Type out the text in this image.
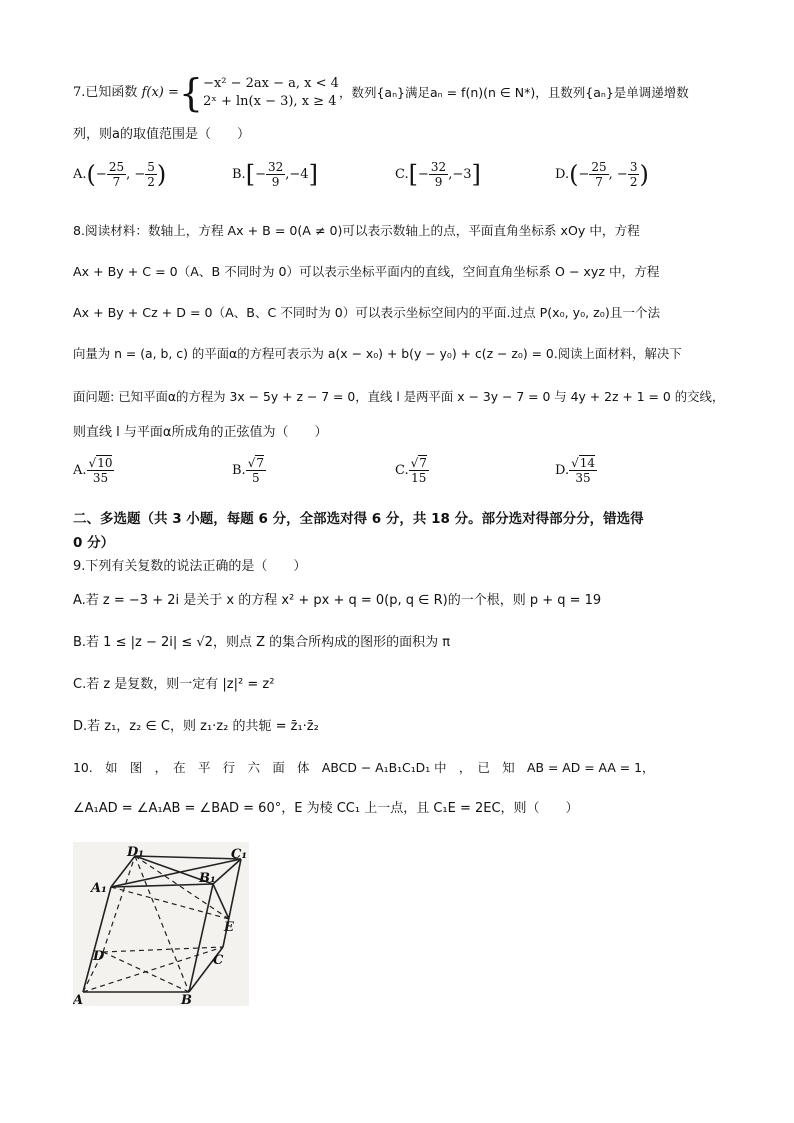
7.已知函数 f(x) ={ −x² − 2ax − a, x < 4
2ˣ + ln(x − 3), x ≥ 4
，数列{aₙ}满足aₙ = f(n)(n ∈ N*)，且数列{aₙ}是单调递增数
列，则a的取值范围是（　　）
$A.(- \frac{25}{7}$ , − $\frac{5}{2}$ )	$B.[- \frac{32}{9} ,-4]$	$C.[- \frac{32}{9} ,-3]$	$D.(- \frac{25}{7}$ , − $\frac{3}{2}$ )
8.阅读材料：数轴上，方程 Ax + B = 0(A ≠ 0)可以表示数轴上的点，平面直角坐标系 xOy 中，方程
Ax + By + C = 0（A、B 不同时为 0）可以表示坐标平面内的直线，空间直角坐标系 O − xyz 中，方程
Ax + By + Cz + D = 0（A、B、C 不同时为 0）可以表示坐标空间内的平面.过点 P(x₀, y₀, z₀)且一个法
向量为 n = (a, b, c) 的平面α的方程可表示为 a(x − x₀) + b(y − y₀) + c(z − z₀) = 0.阅读上面材料，解决下
面问题: 已知平面α的方程为 3x − 5y + z − 7 = 0，直线 l 是两平面 x − 3y − 7 = 0 与 4y + 2z + 1 = 0 的交线，
则直线 l 与平面α所成角的正弦值为（　　）
A. $\frac{√10}{35}$	B. $\frac{√7}{5}$	C. $\frac{√7}{15}$	D. $\frac{√14}{35}$
二、多选题（共 3 小题，每题 6 分，全部选对得 6 分，共 18 分。部分选对得部分分，错选得
0 分）
9.下列有关复数的说法正确的是（　　）
A.若 z = −3 + 2i 是关于 x 的方程 x² + px + q = 0(p, q ∈ R)的一个根，则 p + q = 19
B.若 1 ≤ |z − 2i| ≤ √2，则点 Z 的集合所构成的图形的面积为 π
C.若 z 是复数，则一定有 |z|² = z²
D.若 z₁，z₂ ∈ C，则 z₁·z₂ 的共轭 = z̄₁·z̄₂
10.　如　图　，　在　平　行　六　面　体　ABCD − A₁B₁C₁D₁ 中　，　已　知　AB = AD = AA = 1，
∠A₁AD = ∠A₁AB = ∠BAD = 60°，E 为棱 CC₁ 上一点，且 C₁E = 2EC，则（　　）
A	B
C
D
A₁
B₁
C₁
D₁
E
